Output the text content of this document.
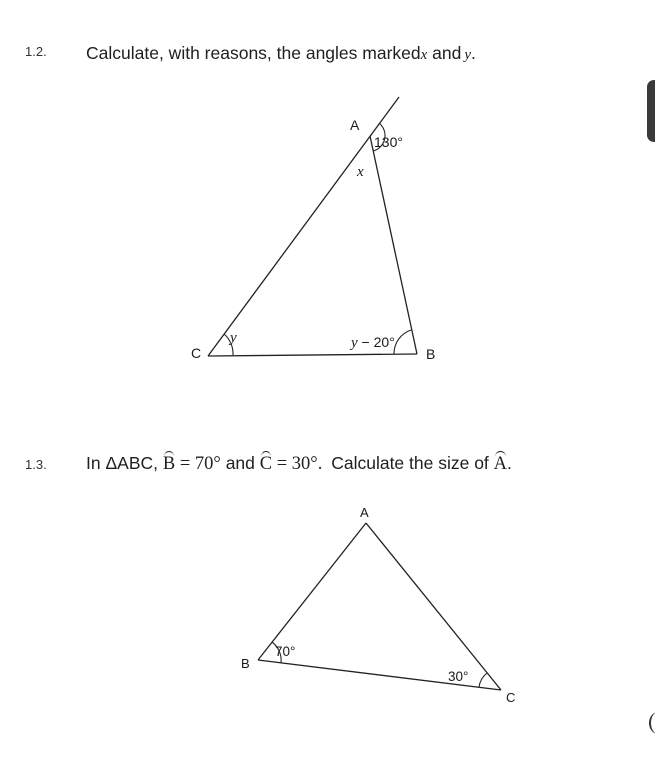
1.2. Calculate, with reasons, the angles markedx and y.
A
C	B
130°
x
y	y − 20°
1.3. In ΔABC, B = 70° and C = 30°. Calculate the size of A.
A
B
C
70°
30°
